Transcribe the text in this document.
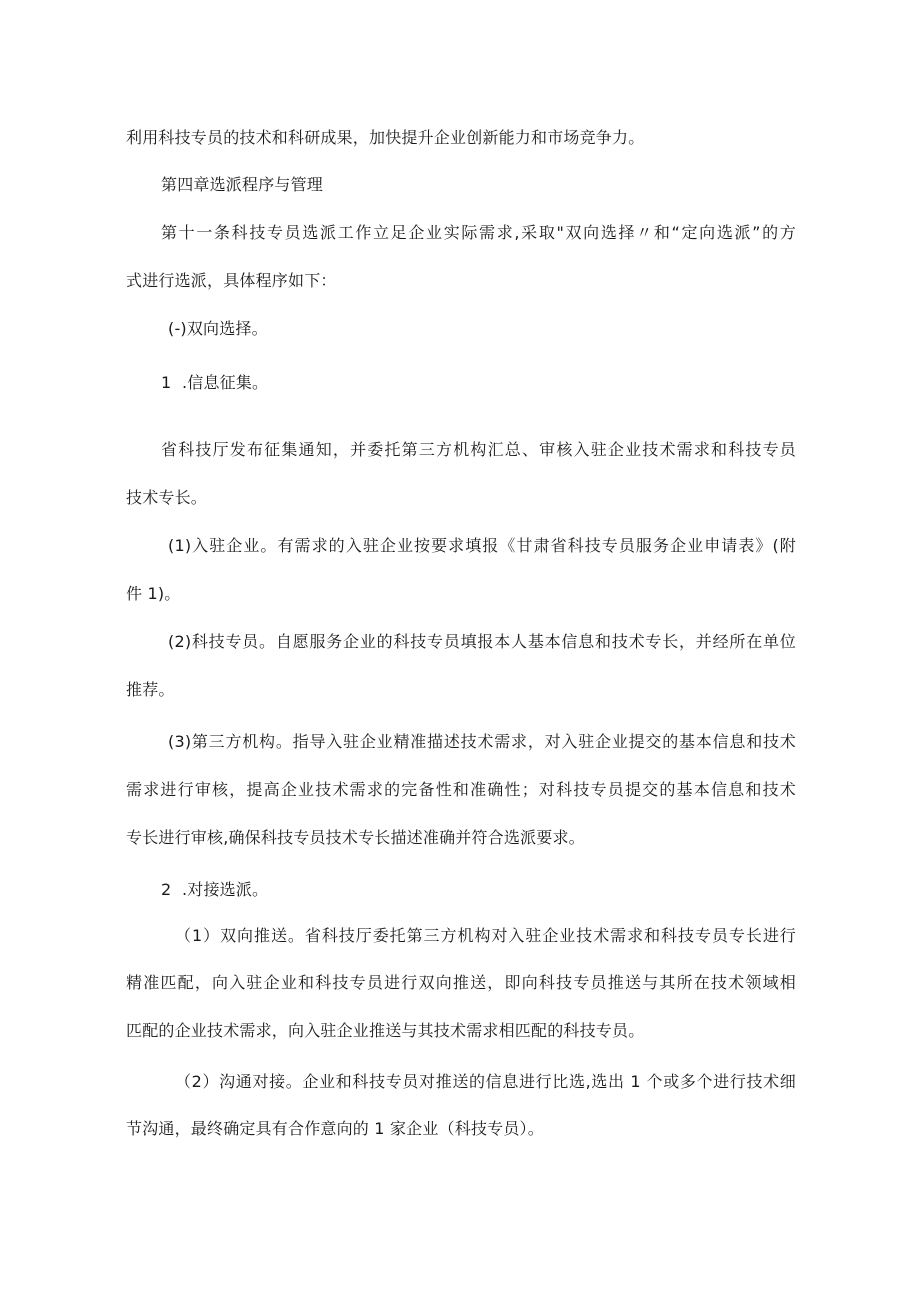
利用科技专员的技术和科研成果，加快提升企业创新能力和市场竞争力。
第四章选派程序与管理
第十一条科技专员选派工作立足企业实际需求,采取"双向选择〃和“定向选派”的方
式进行选派，具体程序如下：
(-)双向选择。
1  .信息征集。
省科技厅发布征集通知，并委托第三方机构汇总、审核入驻企业技术需求和科技专员
技术专长。
(1)入驻企业。有需求的入驻企业按要求填报《甘肃省科技专员服务企业申请表》(附
件 1)。
(2)科技专员。自愿服务企业的科技专员填报本人基本信息和技术专长，并经所在单位
推荐。
(3)第三方机构。指导入驻企业精准描述技术需求，对入驻企业提交的基本信息和技术
需求进行审核，提高企业技术需求的完备性和准确性；对科技专员提交的基本信息和技术
专长进行审核,确保科技专员技术专长描述准确并符合选派要求。
2  .对接选派。
（1）双向推送。省科技厅委托第三方机构对入驻企业技术需求和科技专员专长进行
精准匹配，向入驻企业和科技专员进行双向推送，即向科技专员推送与其所在技术领域相
匹配的企业技术需求，向入驻企业推送与其技术需求相匹配的科技专员。
（2）沟通对接。企业和科技专员对推送的信息进行比选,选出 1 个或多个进行技术细
节沟通，最终确定具有合作意向的 1 家企业（科技专员）。
